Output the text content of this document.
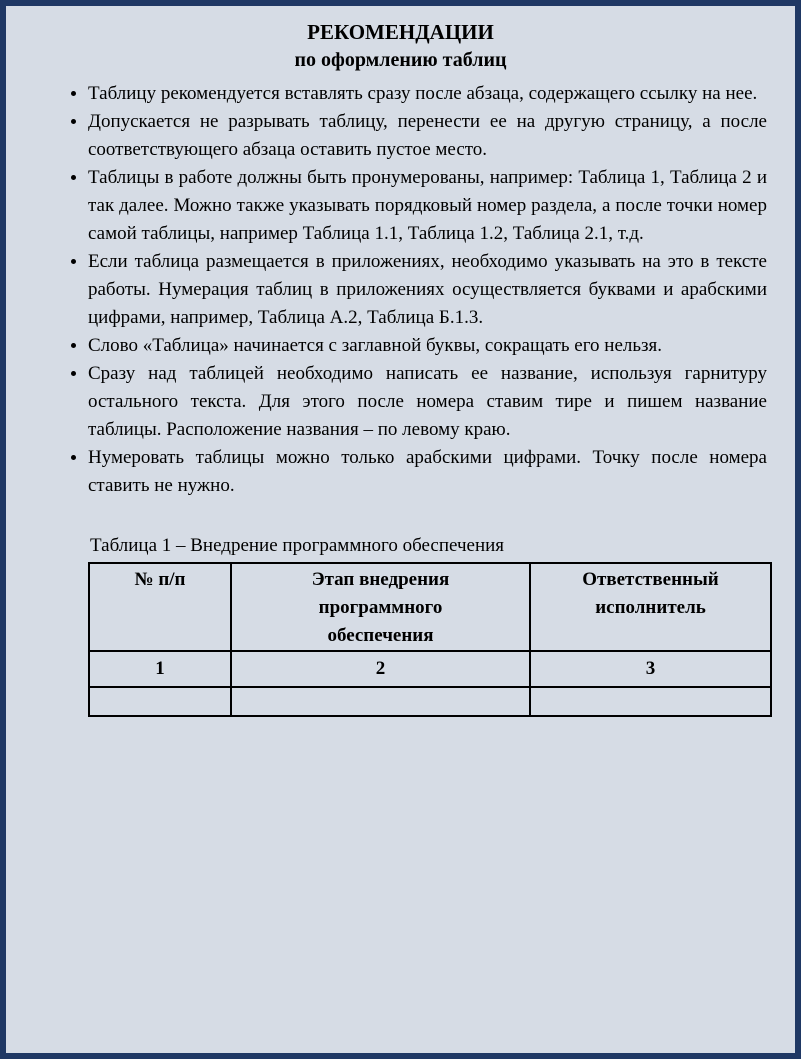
РЕКОМЕНДАЦИИ
по оформлению таблиц
• Таблицу рекомендуется вставлять сразу после абзаца, содержащего ссылку на нее.
• Допускается не разрывать таблицу, перенести ее на другую страницу, а после соответствующего абзаца оставить пустое место.
• Таблицы в работе должны быть пронумерованы, например: Таблица 1, Таблица 2 и так далее. Можно также указывать порядковый номер раздела, а после точки номер самой таблицы, например Таблица 1.1, Таблица 1.2, Таблица 2.1, т.д.
• Если таблица размещается в приложениях, необходимо указывать на это в тексте работы. Нумерация таблиц в приложениях осуществляется буквами и арабскими цифрами, например, Таблица А.2, Таблица Б.1.3.
• Слово «Таблица» начинается с заглавной буквы, сокращать его нельзя.
• Сразу над таблицей необходимо написать ее название, используя гарнитуру остального текста. Для этого после номера ставим тире и пишем название таблицы. Расположение названия – по левому краю.
• Нумеровать таблицы можно только арабскими цифрами. Точку после номера ставить не нужно.
Таблица 1 – Внедрение программного обеспечения
№ п/п	Этап внедрения программного обеспечения	Ответственный исполнитель
1	2	3
